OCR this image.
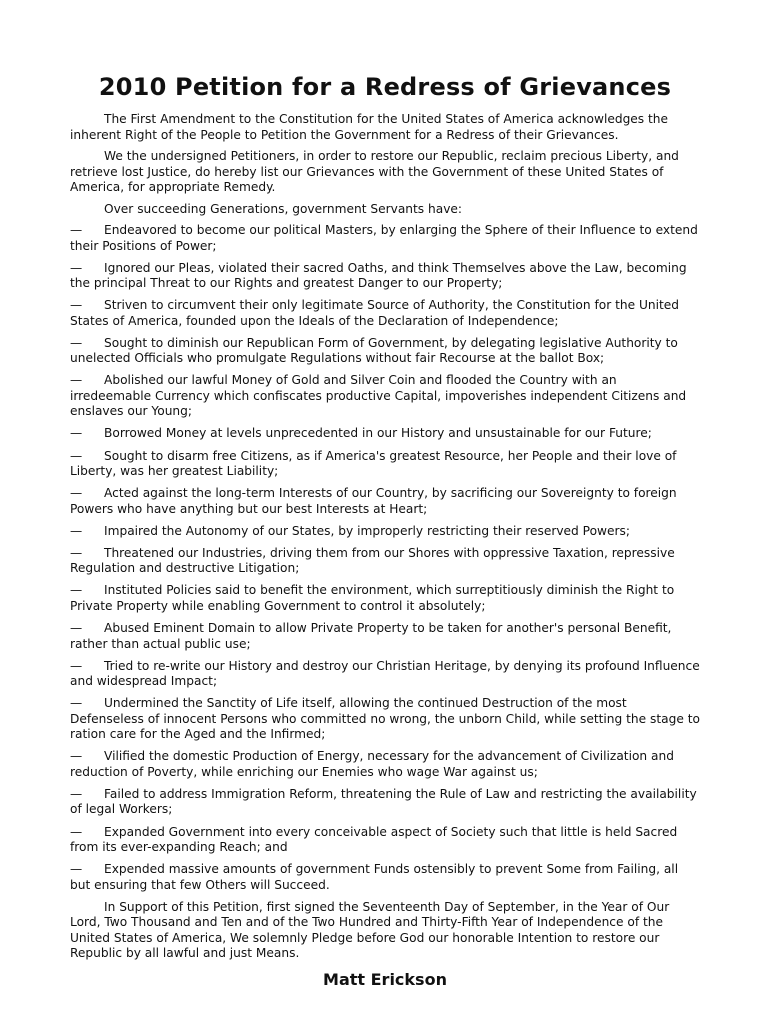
2010 Petition for a Redress of Grievances

The First Amendment to the Constitution for the United States of America acknowledges the inherent Right of the People to Petition the Government for a Redress of their Grievances.

We the undersigned Petitioners, in order to restore our Republic, reclaim precious Liberty, and retrieve lost Justice, do hereby list our Grievances with the Government of these United States of America, for appropriate Remedy.

Over succeeding Generations, government Servants have:

— Endeavored to become our political Masters, by enlarging the Sphere of their Influence to extend their Positions of Power;
— Ignored our Pleas, violated their sacred Oaths, and think Themselves above the Law, becoming the principal Threat to our Rights and greatest Danger to our Property;
— Striven to circumvent their only legitimate Source of Authority, the Constitution for the United States of America, founded upon the Ideals of the Declaration of Independence;
— Sought to diminish our Republican Form of Government, by delegating legislative Authority to unelected Officials who promulgate Regulations without fair Recourse at the ballot Box;
— Abolished our lawful Money of Gold and Silver Coin and flooded the Country with an irredeemable Currency which confiscates productive Capital, impoverishes independent Citizens and enslaves our Young;
— Borrowed Money at levels unprecedented in our History and unsustainable for our Future;
— Sought to disarm free Citizens, as if America's greatest Resource, her People and their love of Liberty, was her greatest Liability;
— Acted against the long-term Interests of our Country, by sacrificing our Sovereignty to foreign Powers who have anything but our best Interests at Heart;
— Impaired the Autonomy of our States, by improperly restricting their reserved Powers;
— Threatened our Industries, driving them from our Shores with oppressive Taxation, repressive Regulation and destructive Litigation;
— Instituted Policies said to benefit the environment, which surreptitiously diminish the Right to Private Property while enabling Government to control it absolutely;
— Abused Eminent Domain to allow Private Property to be taken for another's personal Benefit, rather than actual public use;
— Tried to re-write our History and destroy our Christian Heritage, by denying its profound Influence and widespread Impact;
— Undermined the Sanctity of Life itself, allowing the continued Destruction of the most Defenseless of innocent Persons who committed no wrong, the unborn Child, while setting the stage to ration care for the Aged and the Infirmed;
— Vilified the domestic Production of Energy, necessary for the advancement of Civilization and reduction of Poverty, while enriching our Enemies who wage War against us;
— Failed to address Immigration Reform, threatening the Rule of Law and restricting the availability of legal Workers;
— Expanded Government into every conceivable aspect of Society such that little is held Sacred from its ever-expanding Reach; and
— Expended massive amounts of government Funds ostensibly to prevent Some from Failing, all but ensuring that few Others will Succeed.

In Support of this Petition, first signed the Seventeenth Day of September, in the Year of Our Lord, Two Thousand and Ten and of the Two Hundred and Thirty-Fifth Year of Independence of the United States of America, We solemnly Pledge before God our honorable Intention to restore our Republic by all lawful and just Means.

Matt Erickson
